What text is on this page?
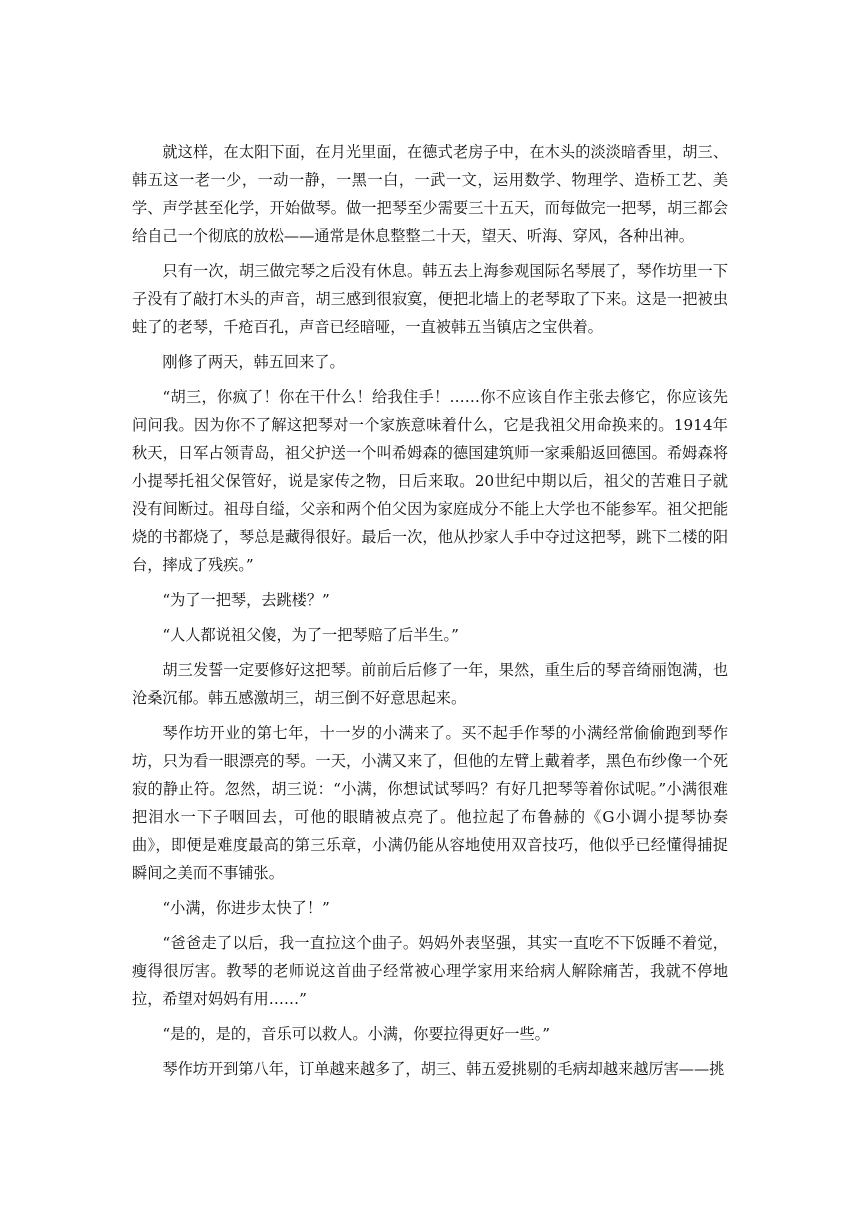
就这样，在太阳下面，在月光里面，在德式老房子中，在木头的淡淡暗香里，胡三、韩五这一老一少，一动一静，一黑一白，一武一文，运用数学、物理学、造桥工艺、美学、声学甚至化学，开始做琴。做一把琴至少需要三十五天，而每做完一把琴，胡三都会给自己一个彻底的放松——通常是休息整整二十天，望天、听海、穿风，各种出神。

只有一次，胡三做完琴之后没有休息。韩五去上海参观国际名琴展了，琴作坊里一下子没有了敲打木头的声音，胡三感到很寂寞，便把北墙上的老琴取了下来。这是一把被虫蛀了的老琴，千疮百孔，声音已经暗哑，一直被韩五当镇店之宝供着。

刚修了两天，韩五回来了。

“胡三，你疯了！你在干什么！给我住手！……你不应该自作主张去修它，你应该先问问我。因为你不了解这把琴对一个家族意味着什么，它是我祖父用命换来的。1914年秋天，日军占领青岛，祖父护送一个叫希姆森的德国建筑师一家乘船返回德国。希姆森将小提琴托祖父保管好，说是家传之物，日后来取。20世纪中期以后，祖父的苦难日子就没有间断过。祖母自缢，父亲和两个伯父因为家庭成分不能上大学也不能参军。祖父把能烧的书都烧了，琴总是藏得很好。最后一次，他从抄家人手中夺过这把琴，跳下二楼的阳台，摔成了残疾。”

“为了一把琴，去跳楼？”

“人人都说祖父傻，为了一把琴赔了后半生。”

胡三发誓一定要修好这把琴。前前后后修了一年，果然，重生后的琴音绮丽饱满，也沧桑沉郁。韩五感激胡三，胡三倒不好意思起来。

琴作坊开业的第七年，十一岁的小满来了。买不起手作琴的小满经常偷偷跑到琴作坊，只为看一眼漂亮的琴。一天，小满又来了，但他的左臂上戴着孝，黑色布纱像一个死寂的静止符。忽然，胡三说：“小满，你想试试琴吗？有好几把琴等着你试呢。”小满很难把泪水一下子咽回去，可他的眼睛被点亮了。他拉起了布鲁赫的《G小调小提琴协奏曲》，即便是难度最高的第三乐章，小满仍能从容地使用双音技巧，他似乎已经懂得捕捉瞬间之美而不事铺张。

“小满，你进步太快了！”

“爸爸走了以后，我一直拉这个曲子。妈妈外表坚强，其实一直吃不下饭睡不着觉，瘦得很厉害。教琴的老师说这首曲子经常被心理学家用来给病人解除痛苦，我就不停地拉，希望对妈妈有用……”

“是的，是的，音乐可以救人。小满，你要拉得更好一些。”

琴作坊开到第八年，订单越来越多了，胡三、韩五爱挑剔的毛病却越来越厉害——挑
